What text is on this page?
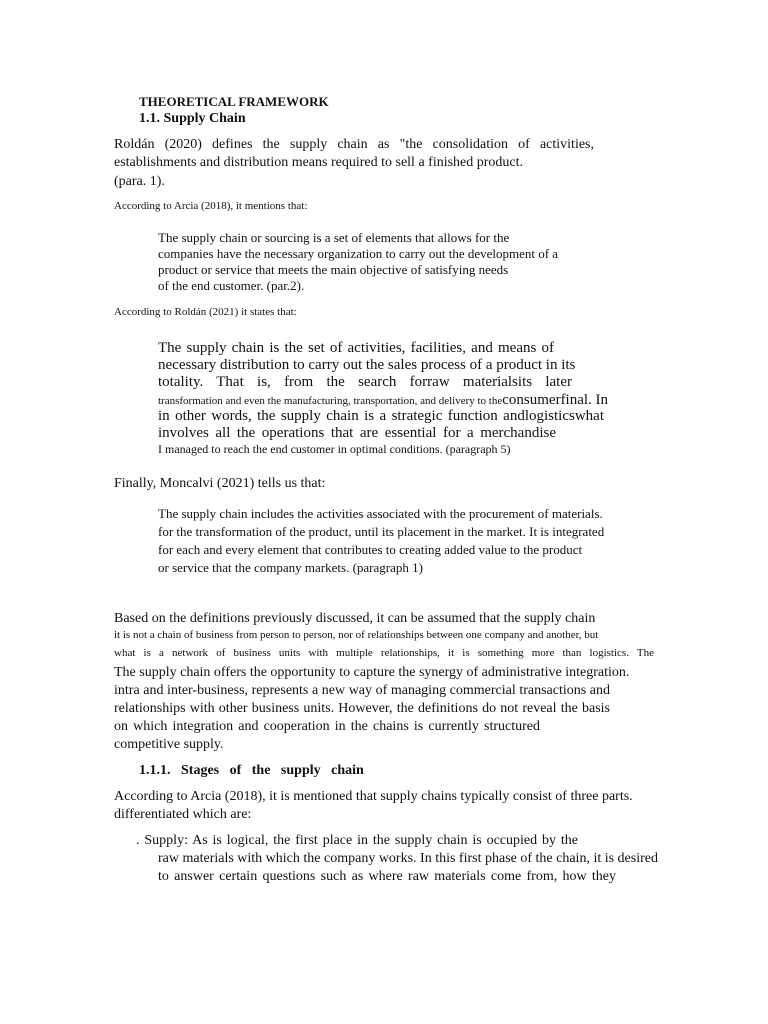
THEORETICAL FRAMEWORK
1.1. Supply Chain
Roldán (2020) defines the supply chain as "the consolidation of activities,
establishments and distribution means required to sell a finished product.
(para. 1).
According to Arcia (2018), it mentions that:
The supply chain or sourcing is a set of elements that allows for the
companies have the necessary organization to carry out the development of a
product or service that meets the main objective of satisfying needs
of the end customer. (par.2).
According to Roldán (2021) it states that:
The supply chain is the set of activities, facilities, and means of
necessary distribution to carry out the sales process of a product in its
totality. That is, from the search forraw materialsits later
transformation and even the manufacturing, transportation, and delivery to theconsumerfinal. In
in other words, the supply chain is a strategic function andlogisticswhat
involves all the operations that are essential for a merchandise
I managed to reach the end customer in optimal conditions. (paragraph 5)
Finally, Moncalvi (2021) tells us that:
The supply chain includes the activities associated with the procurement of materials.
for the transformation of the product, until its placement in the market. It is integrated
for each and every element that contributes to creating added value to the product
or service that the company markets. (paragraph 1)
Based on the definitions previously discussed, it can be assumed that the supply chain
it is not a chain of business from person to person, nor of relationships between one company and another, but
what is a network of business units with multiple relationships, it is something more than logistics. The
The supply chain offers the opportunity to capture the synergy of administrative integration.
intra and inter-business, represents a new way of managing commercial transactions and
relationships with other business units. However, the definitions do not reveal the basis
on which integration and cooperation in the chains is currently structured
competitive supply.
1.1.1.   Stages   of   the   supply   chain
According to Arcia (2018), it is mentioned that supply chains typically consist of three parts.
differentiated which are:
. Supply: As is logical, the first place in the supply chain is occupied by the
raw materials with which the company works. In this first phase of the chain, it is desired
to answer certain questions such as where raw materials come from, how they
